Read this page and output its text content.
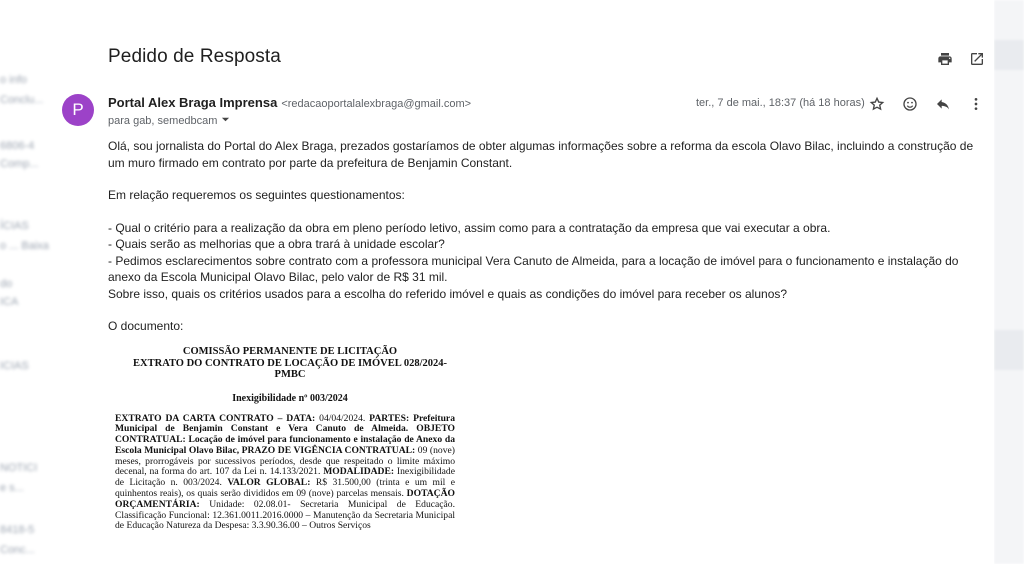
o info
Conclu...
6806-4
Comp...
ÍCIAS
o ... Baixa
do
ICA
ICIAS
NOTICI
e s...
8418-5
Conc...
Pedido de Resposta
P	Portal Alex Braga Imprensa <redacaoportalalexbraga@gmail.com>
para gab, semedbcam
ter., 7 de mai., 18:37 (há 18 horas)

Olá, sou jornalista do Portal do Alex Braga, prezados gostaríamos de obter algumas informações sobre a reforma da escola Olavo Bilac, incluindo a construção de um muro firmado em contrato por parte da prefeitura de Benjamin Constant.

Em relação requeremos os seguintes questionamentos:

- Qual o critério para a realização da obra em pleno período letivo, assim como para a contratação da empresa que vai executar a obra.

- Quais serão as melhorias que a obra trará à unidade escolar?

- Pedimos esclarecimentos sobre contrato com a professora municipal Vera Canuto de Almeida, para a locação de imóvel para o funcionamento e instalação do anexo da Escola Municipal Olavo Bilac, pelo valor de R$ 31 mil.

Sobre isso, quais os critérios usados para a escolha do referido imóvel e quais as condições do imóvel para receber os alunos?

O documento:

COMISSÃO PERMANENTE DE LICITAÇÃO
EXTRATO DO CONTRATO DE LOCAÇÃO DE IMÓVEL 028/2024-
PMBC
Inexigibilidade nº 003/2024
EXTRATO DA CARTA CONTRATO – DATA: 04/04/2024. PARTES: Prefeitura Municipal de Benjamin Constant e Vera Canuto de Almeida. OBJETO CONTRATUAL: Locação de imóvel para funcionamento e instalação de Anexo da Escola Municipal Olavo Bilac, PRAZO DE VIGÊNCIA CONTRATUAL: 09 (nove) meses, prorrogáveis por sucessivos períodos, desde que respeitado o limite máximo decenal, na forma do art. 107 da Lei n. 14.133/2021. MODALIDADE: Inexigibilidade de Licitação n. 003/2024. VALOR GLOBAL: R$ 31.500,00 (trinta e um mil e quinhentos reais), os quais serão divididos em 09 (nove) parcelas mensais. DOTAÇÃO ORÇAMENTÁRIA: Unidade: 02.08.01- Secretaria Municipal de Educação. Classificação Funcional: 12.361.0011.2016.0000 – Manutenção da Secretaria Municipal de Educação Natureza da Despesa: 3.3.90.36.00 – Outros Serviços
